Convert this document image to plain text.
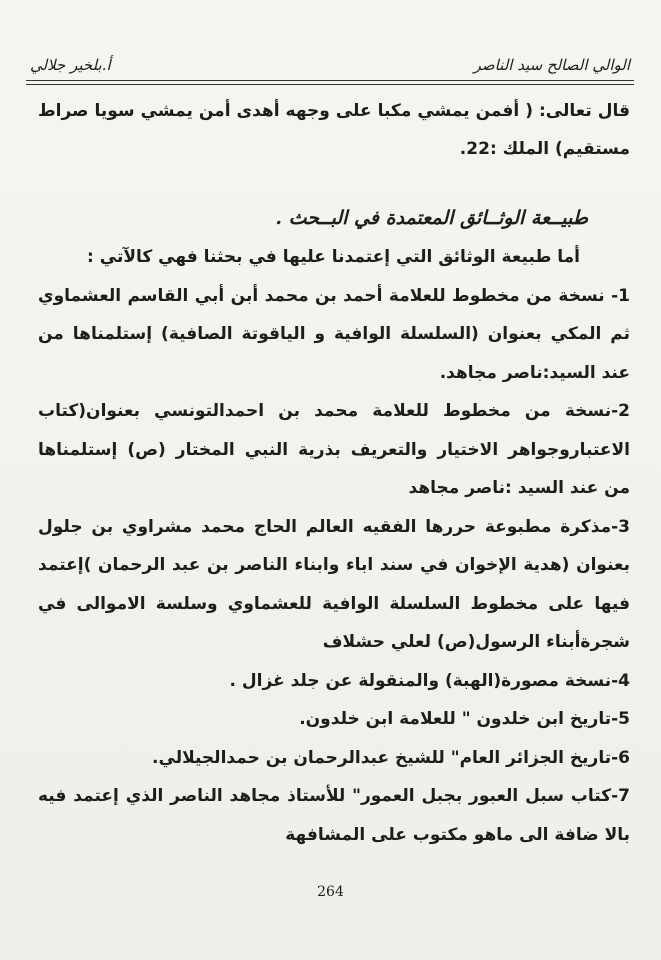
الوالي الصالح سيد الناصر
أ.بلخير جلالي

قال تعالى: ( أفمن يمشي مكبا على وجهه أهدى أمن يمشي سويا صراط مستقيم) الملك :22.

طبيــعة الوثــائق المعتمدة في البــحث .

أما طبيعة الوثائق التي إعتمدنا عليها في بحثنا فهي كالآتي :

1- نسخة من مخطوط للعلامة أحمد بن محمد أبن أبي القاسم العشماوي ثم المكي بعنوان (السلسلة الوافية و الياقوتة الصافية) إستلمناها من عند السيد:ناصر مجاهد.

2-نسخة من مخطوط للعلامة محمد بن احمدالتونسي بعنوان(كتاب الاعتباروجواهر الاختيار والتعريف بذرية النبي المختار (ص) إستلمناها من عند السيد :ناصر مجاهد

3-مذكرة مطبوعة حررها الفقيه العالم الحاج محمد مشراوي بن جلول بعنوان (هدية الإخوان في سند اباء وابناء الناصر بن عبد الرحمان )إعتمد فيها على مخطوط السلسلة الوافية للعشماوي وسلسة الاموالى في شجرةأبناء الرسول(ص) لعلي حشلاف

4-نسخة مصورة(الهبة) والمنقولة عن جلد غزال .

5-تاريخ ابن خلدون " للعلامة ابن خلدون.

6-تاريخ الجزائر العام" للشيخ عبدالرحمان بن حمدالجيلالي.

7-كتاب سبل العبور بجبل العمور" للأستاذ مجاهد الناصر الذي إعتمد فيه بالا ضافة الى ماهو مكتوب على المشافهة

264
